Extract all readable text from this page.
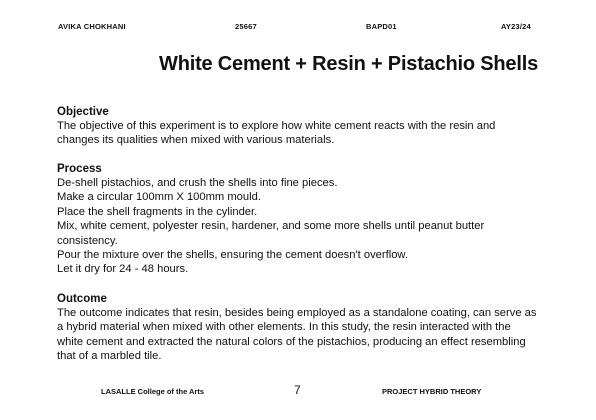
AVIKA CHOKHANI	25667	BAPD01	AY23/24
White Cement + Resin + Pistachio Shells
Objective
The objective of this experiment is to explore how white cement reacts with the resin and changes its qualities when mixed with various materials.
Process

De-shell pistachios, and crush the shells into fine pieces.

Make a circular 100mm X 100mm mould.

Place the shell fragments in the cylinder.

Mix, white cement, polyester resin, hardener, and some more shells until peanut butter consistency.

Pour the mixture over the shells, ensuring the cement doesn't overflow.

Let it dry for 24 - 48 hours.

Outcome
The outcome indicates that resin, besides being employed as a standalone coating, can serve as a hybrid material when mixed with other elements. In this study, the resin interacted with the white cement and extracted the natural colors of the pistachios, producing an effect resembling that of a marbled tile.
LASALLE College of the Arts	7	PROJECT HYBRID THEORY
